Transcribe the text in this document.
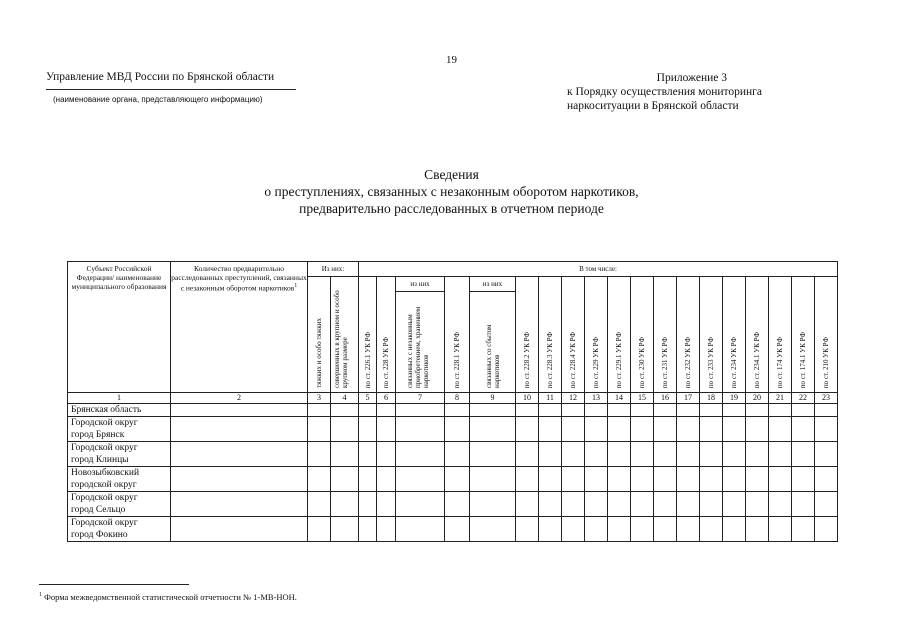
19
Управление МВД России по Брянской области
(наименование органа, представляющего информацию)
Приложение 3
к Порядку осуществления мониторинга
наркоситуации в Брянской области
Сведения
о преступлениях, связанных с незаконным оборотом наркотиков,
предварительно расследованных в отчетном периоде
Субъект Российской Федерации/ наименование муниципального образования	Количество предварительно расследованных преступлений, связанных с незаконным оборотом наркотиков$^1$	Из них:		В том числе:																		

		тяжких и особо тяжких	совершенных в крупном и особо крупном размере	по ст. 226.1 УК РФ	по ст. 228 УК РФ	из них	по ст. 228.1 УК РФ	из них	по ст. 228.2 УК РФ	по ст. 228.3 УК РФ	по ст. 228.4 УК РФ	по ст. 229 УК РФ	по ст. 229.1 УК РФ	по ст. 230 УК РФ	по ст. 231 УК РФ	по ст. 232 УК РФ	по ст. 233 УК РФ	по ст. 234 УК РФ	по ст. 234.1 УК РФ	по ст. 174 УК РФ	по ст. 174.1 УК РФ	по ст. 210 УК РФ

						связанных с незаконным приобретением, хранением наркотиков		связанных со сбытом наркотиков														

1	2	3	4	5	6	7	8	9	10	11	12	13	14	15	16	17	18	19	20	21	22	23

Брянская область																						

Городской округ
город Брянск																						

Городской округ
город Клинцы																						

Новозыбковский
городской округ																						

Городской округ
город Сельцо																						

Городской округ
город Фокино																						

$^1$ Форма межведомственной статистической отчетности № 1-МВ-НОН.
